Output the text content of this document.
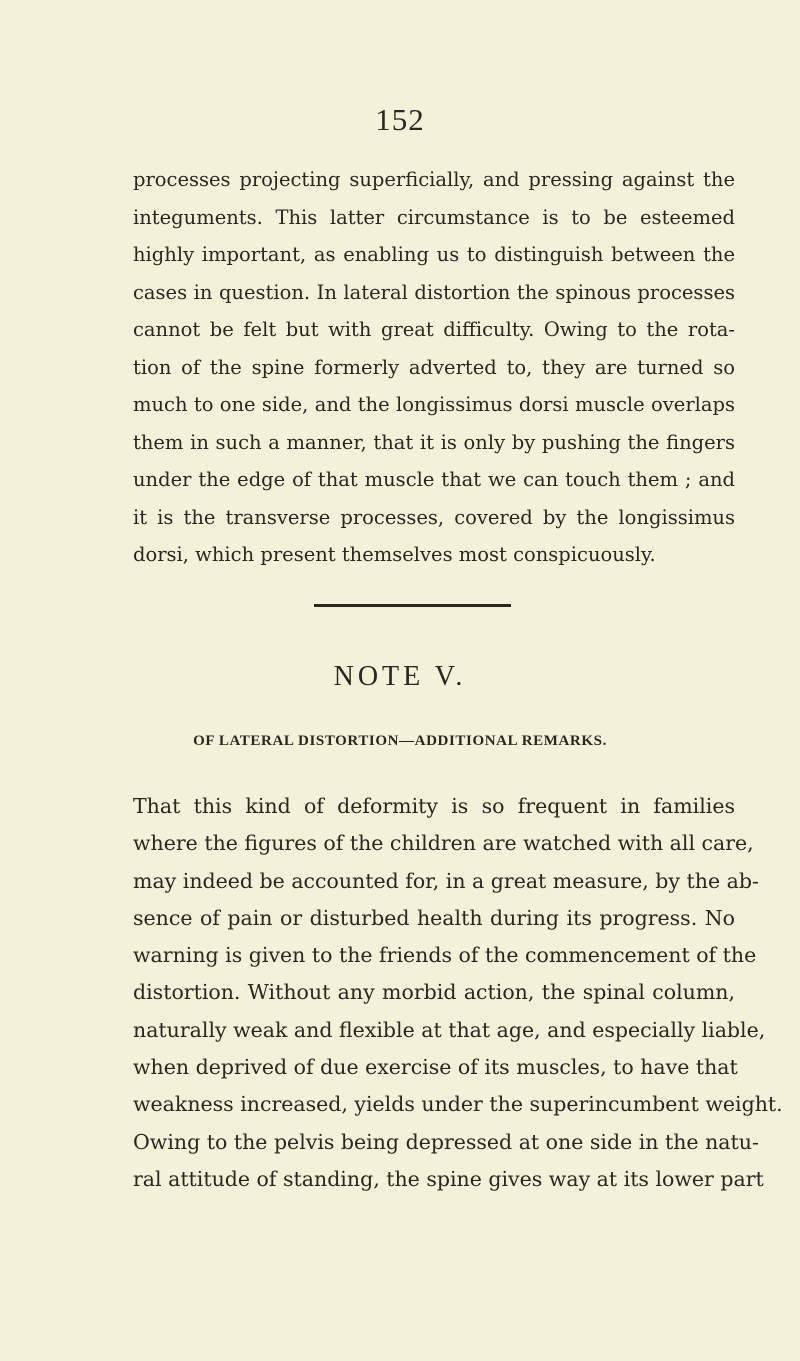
152
processes projecting superficially, and pressing against the
integuments. This latter circumstance is to be esteemed
highly important, as enabling us to distinguish between the
cases in question. In lateral distortion the spinous processes
cannot be felt but with great difficulty. Owing to the rota-
tion of the spine formerly adverted to, they are turned so
much to one side, and the longissimus dorsi muscle overlaps
them in such a manner, that it is only by pushing the fingers
under the edge of that muscle that we can touch them ; and
it is the transverse processes, covered by the longissimus
dorsi, which present themselves most conspicuously.
NOTE V.
OF LATERAL DISTORTION—ADDITIONAL REMARKS.
That this kind of deformity is so frequent in families
where the figures of the children are watched with all care,
may indeed be accounted for, in a great measure, by the ab-
sence of pain or disturbed health during its progress. No
warning is given to the friends of the commencement of the
distortion. Without any morbid action, the spinal column,
naturally weak and flexible at that age, and especially liable,
when deprived of due exercise of its muscles, to have that
weakness increased, yields under the superincumbent weight.
Owing to the pelvis being depressed at one side in the natu-
ral attitude of standing, the spine gives way at its lower part
